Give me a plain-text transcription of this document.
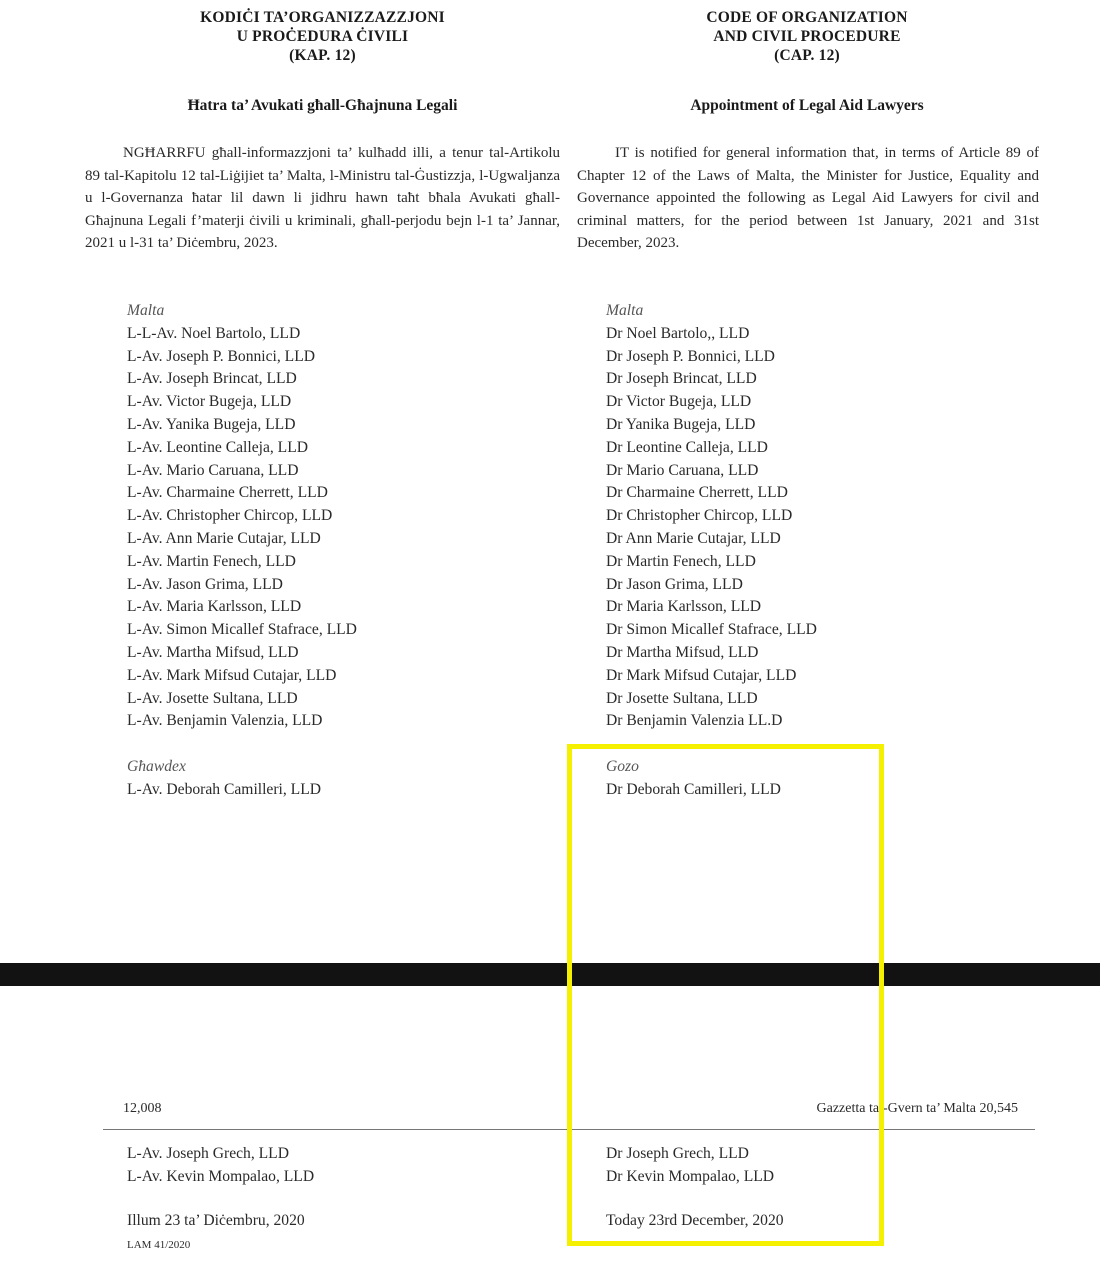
KODIĊI TA’ORGANIZZAZZJONI
U PROĊEDURA ĊIVILI
(KAP. 12)
Ħatra ta’ Avukati għall-Għajnuna Legali
NGĦARRFU għall-informazzjoni ta’ kulħadd illi, a tenur tal-Artikolu 89 tal-Kapitolu 12 tal-Liġijiet ta’ Malta, l-Ministru tal-Ġustizzja, l-Ugwaljanza u l-Governanza ħatar lil dawn li jidhru hawn taħt bħala Avukati għall-Għajnuna Legali f’materji ċivili u kriminali, għall-perjodu bejn l-1 ta’ Jannar, 2021 u l-31 ta’ Diċembru, 2023.
Malta
L-L-Av. Noel Bartolo, LLD
L-Av. Joseph P. Bonnici, LLD
L-Av. Joseph Brincat, LLD
L-Av. Victor Bugeja, LLD
L-Av. Yanika Bugeja, LLD
L-Av. Leontine Calleja, LLD
L-Av. Mario Caruana, LLD
L-Av. Charmaine Cherrett, LLD
L-Av. Christopher Chircop, LLD
L-Av. Ann Marie Cutajar, LLD
L-Av. Martin Fenech, LLD
L-Av. Jason Grima, LLD
L-Av. Maria Karlsson, LLD
L-Av. Simon Micallef Stafrace, LLD
L-Av. Martha Mifsud, LLD
L-Av. Mark Mifsud Cutajar, LLD
L-Av. Josette Sultana, LLD
L-Av. Benjamin Valenzia, LLD
Għawdex
L-Av. Deborah Camilleri, LLD
CODE OF ORGANIZATION
AND CIVIL PROCEDURE
(CAP. 12)
Appointment of Legal Aid Lawyers
IT is notified for general information that, in terms of Article 89 of Chapter 12 of the Laws of Malta, the Minister for Justice, Equality and Governance appointed the following as Legal Aid Lawyers for civil and criminal matters, for the period between 1st January, 2021 and 31st December, 2023.
Malta
Dr Noel Bartolo,, LLD
Dr Joseph P. Bonnici, LLD
Dr Joseph Brincat, LLD
Dr Victor Bugeja, LLD
Dr Yanika Bugeja, LLD
Dr Leontine Calleja, LLD
Dr Mario Caruana, LLD
Dr Charmaine Cherrett, LLD
Dr Christopher Chircop, LLD
Dr Ann Marie Cutajar, LLD
Dr Martin Fenech, LLD
Dr Jason Grima, LLD
Dr Maria Karlsson, LLD
Dr Simon Micallef Stafrace, LLD
Dr Martha Mifsud, LLD
Dr Mark Mifsud Cutajar, LLD
Dr Josette Sultana, LLD
Dr Benjamin Valenzia LL.D
Gozo
Dr Deborah Camilleri, LLD
12,008	Gazzetta tal-Gvern ta’ Malta 20,545
L-Av. Joseph Grech, LLD
L-Av. Kevin Mompalao, LLD
Illum 23 ta’ Diċembru, 2020
LAM 41/2020
Dr Joseph Grech, LLD
Dr Kevin Mompalao, LLD
Today 23rd December, 2020
